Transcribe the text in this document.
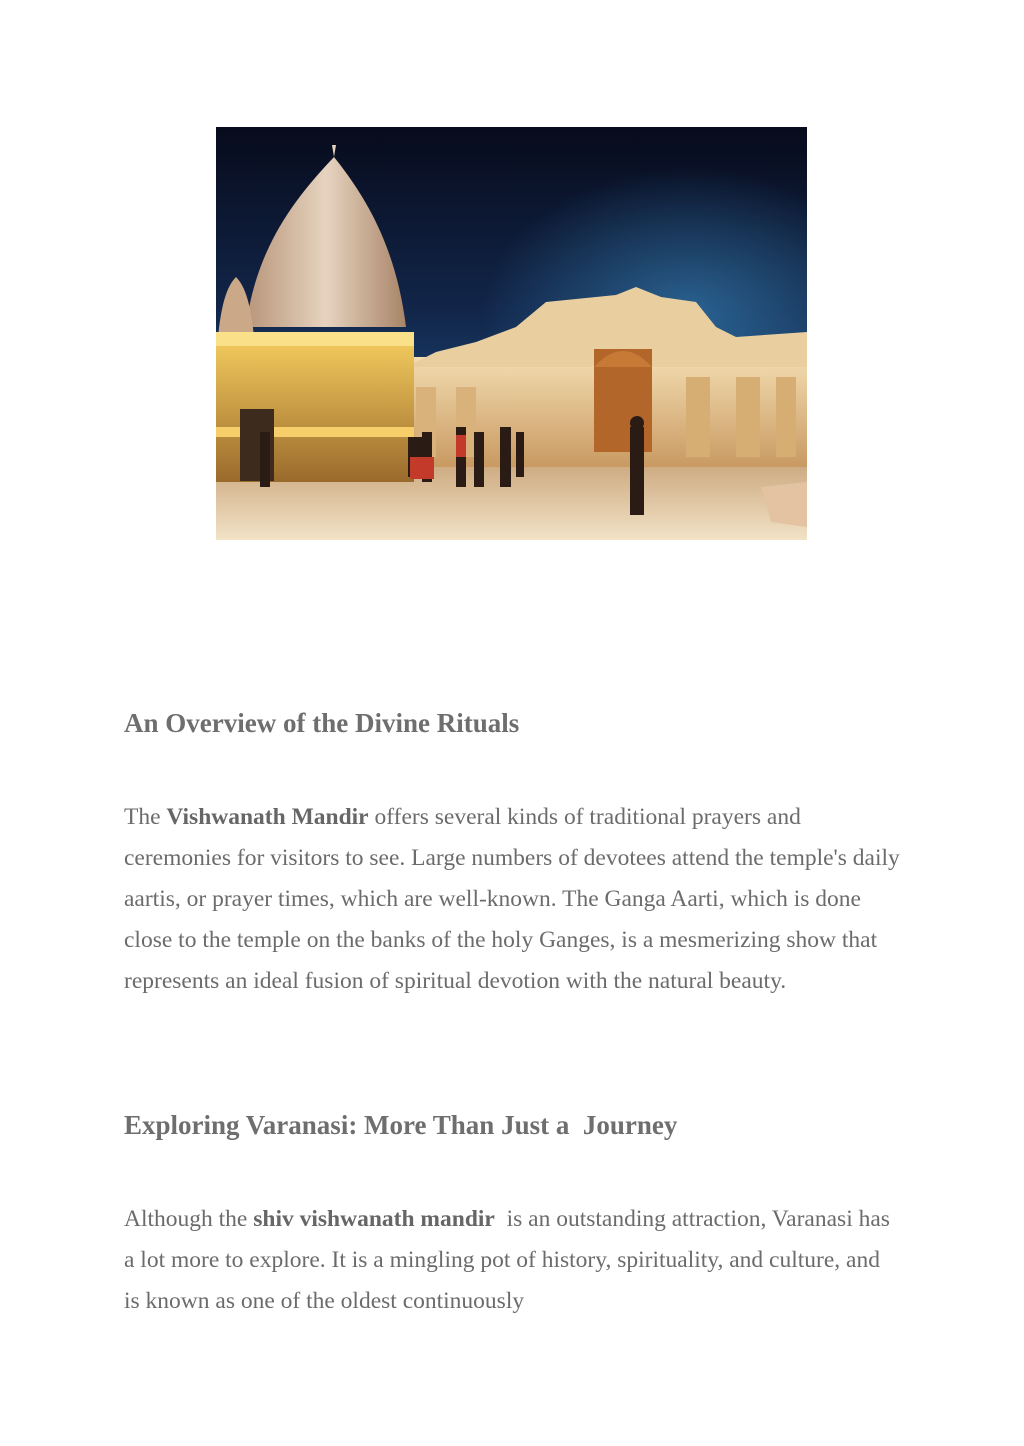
An Overview of the Divine Rituals

The Vishwanath Mandir offers several kinds of traditional prayers and ceremonies for visitors to see. Large numbers of devotees attend the temple's daily aartis, or prayer times, which are well-known. The Ganga Aarti, which is done close to the temple on the banks of the holy Ganges, is a mesmerizing show that represents an ideal fusion of spiritual devotion with the natural beauty.

Exploring Varanasi: More Than Just a  Journey

Although the shiv vishwanath mandir  is an outstanding attraction, Varanasi has a lot more to explore. It is a mingling pot of history, spirituality, and culture, and is known as one of the oldest continuously
